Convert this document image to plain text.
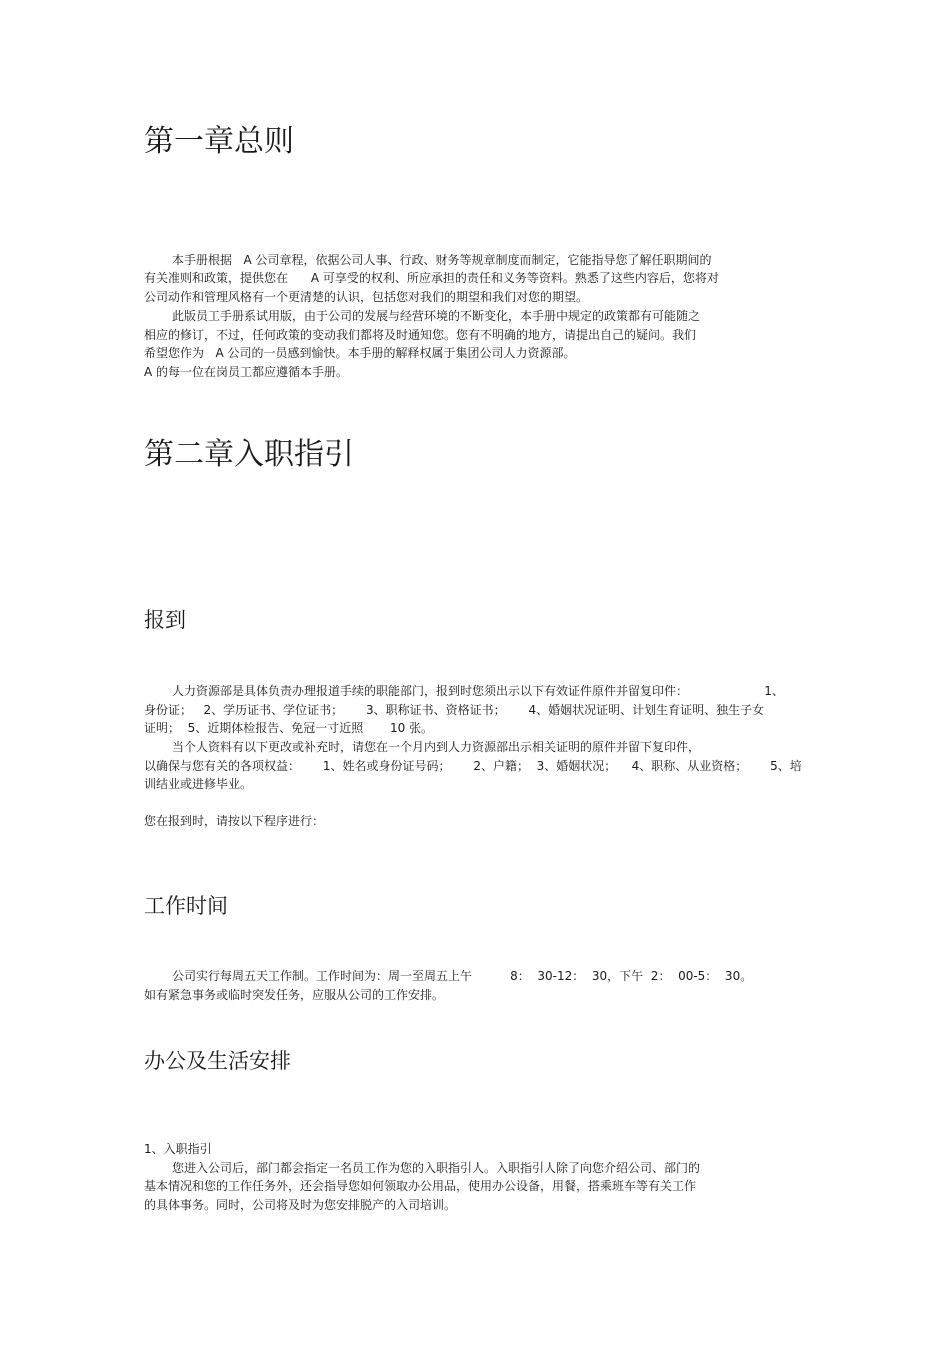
第一章总则
本手册根据   A 公司章程，依据公司人事、行政、财务等规章制度而制定，它能指导您了解任职期间的
有关准则和政策，提供您在      A 可享受的权利、所应承担的责任和义务等资料。熟悉了这些内容后，您将对
公司动作和管理风格有一个更清楚的认识，包括您对我们的期望和我们对您的期望。
此版员工手册系试用版，由于公司的发展与经营环境的不断变化，本手册中规定的政策都有可能随之
相应的修订，不过，任何政策的变动我们都将及时通知您。您有不明确的地方，请提出自己的疑问。我们
希望您作为   A 公司的一员感到愉快。本手册的解释权属于集团公司人力资源部。
A 的每一位在岗员工都应遵循本手册。
第二章入职指引
报到
人力资源部是具体负责办理报道手续的职能部门，报到时您须出示以下有效证件原件并留复印件：                    1、
身份证；   2、学历证书、学位证书；      3、职称证书、资格证书；      4、婚姻状况证明、计划生育证明、独生子女
证明；  5、近期体检报告、免冠一寸近照       10 张。
当个人资料有以下更改或补充时，请您在一个月内到人力资源部出示相关证明的原件并留下复印件，
以确保与您有关的各项权益：      1、姓名或身份证号码；      2、户籍；  3、婚姻状况；    4、职称、从业资格；      5、培
训结业或进修毕业。
您在报到时，请按以下程序进行：
工作时间
公司实行每周五天工作制。工作时间为：周一至周五上午          8：  30-12：  30，下午  2：  00-5：  30。
如有紧急事务或临时突发任务，应服从公司的工作安排。
办公及生活安排
1、入职指引
您进入公司后，部门都会指定一名员工作为您的入职指引人。入职指引人除了向您介绍公司、部门的
基本情况和您的工作任务外，还会指导您如何领取办公用品，使用办公设备，用餐，搭乘班车等有关工作
的具体事务。同时，公司将及时为您安排脱产的入司培训。
